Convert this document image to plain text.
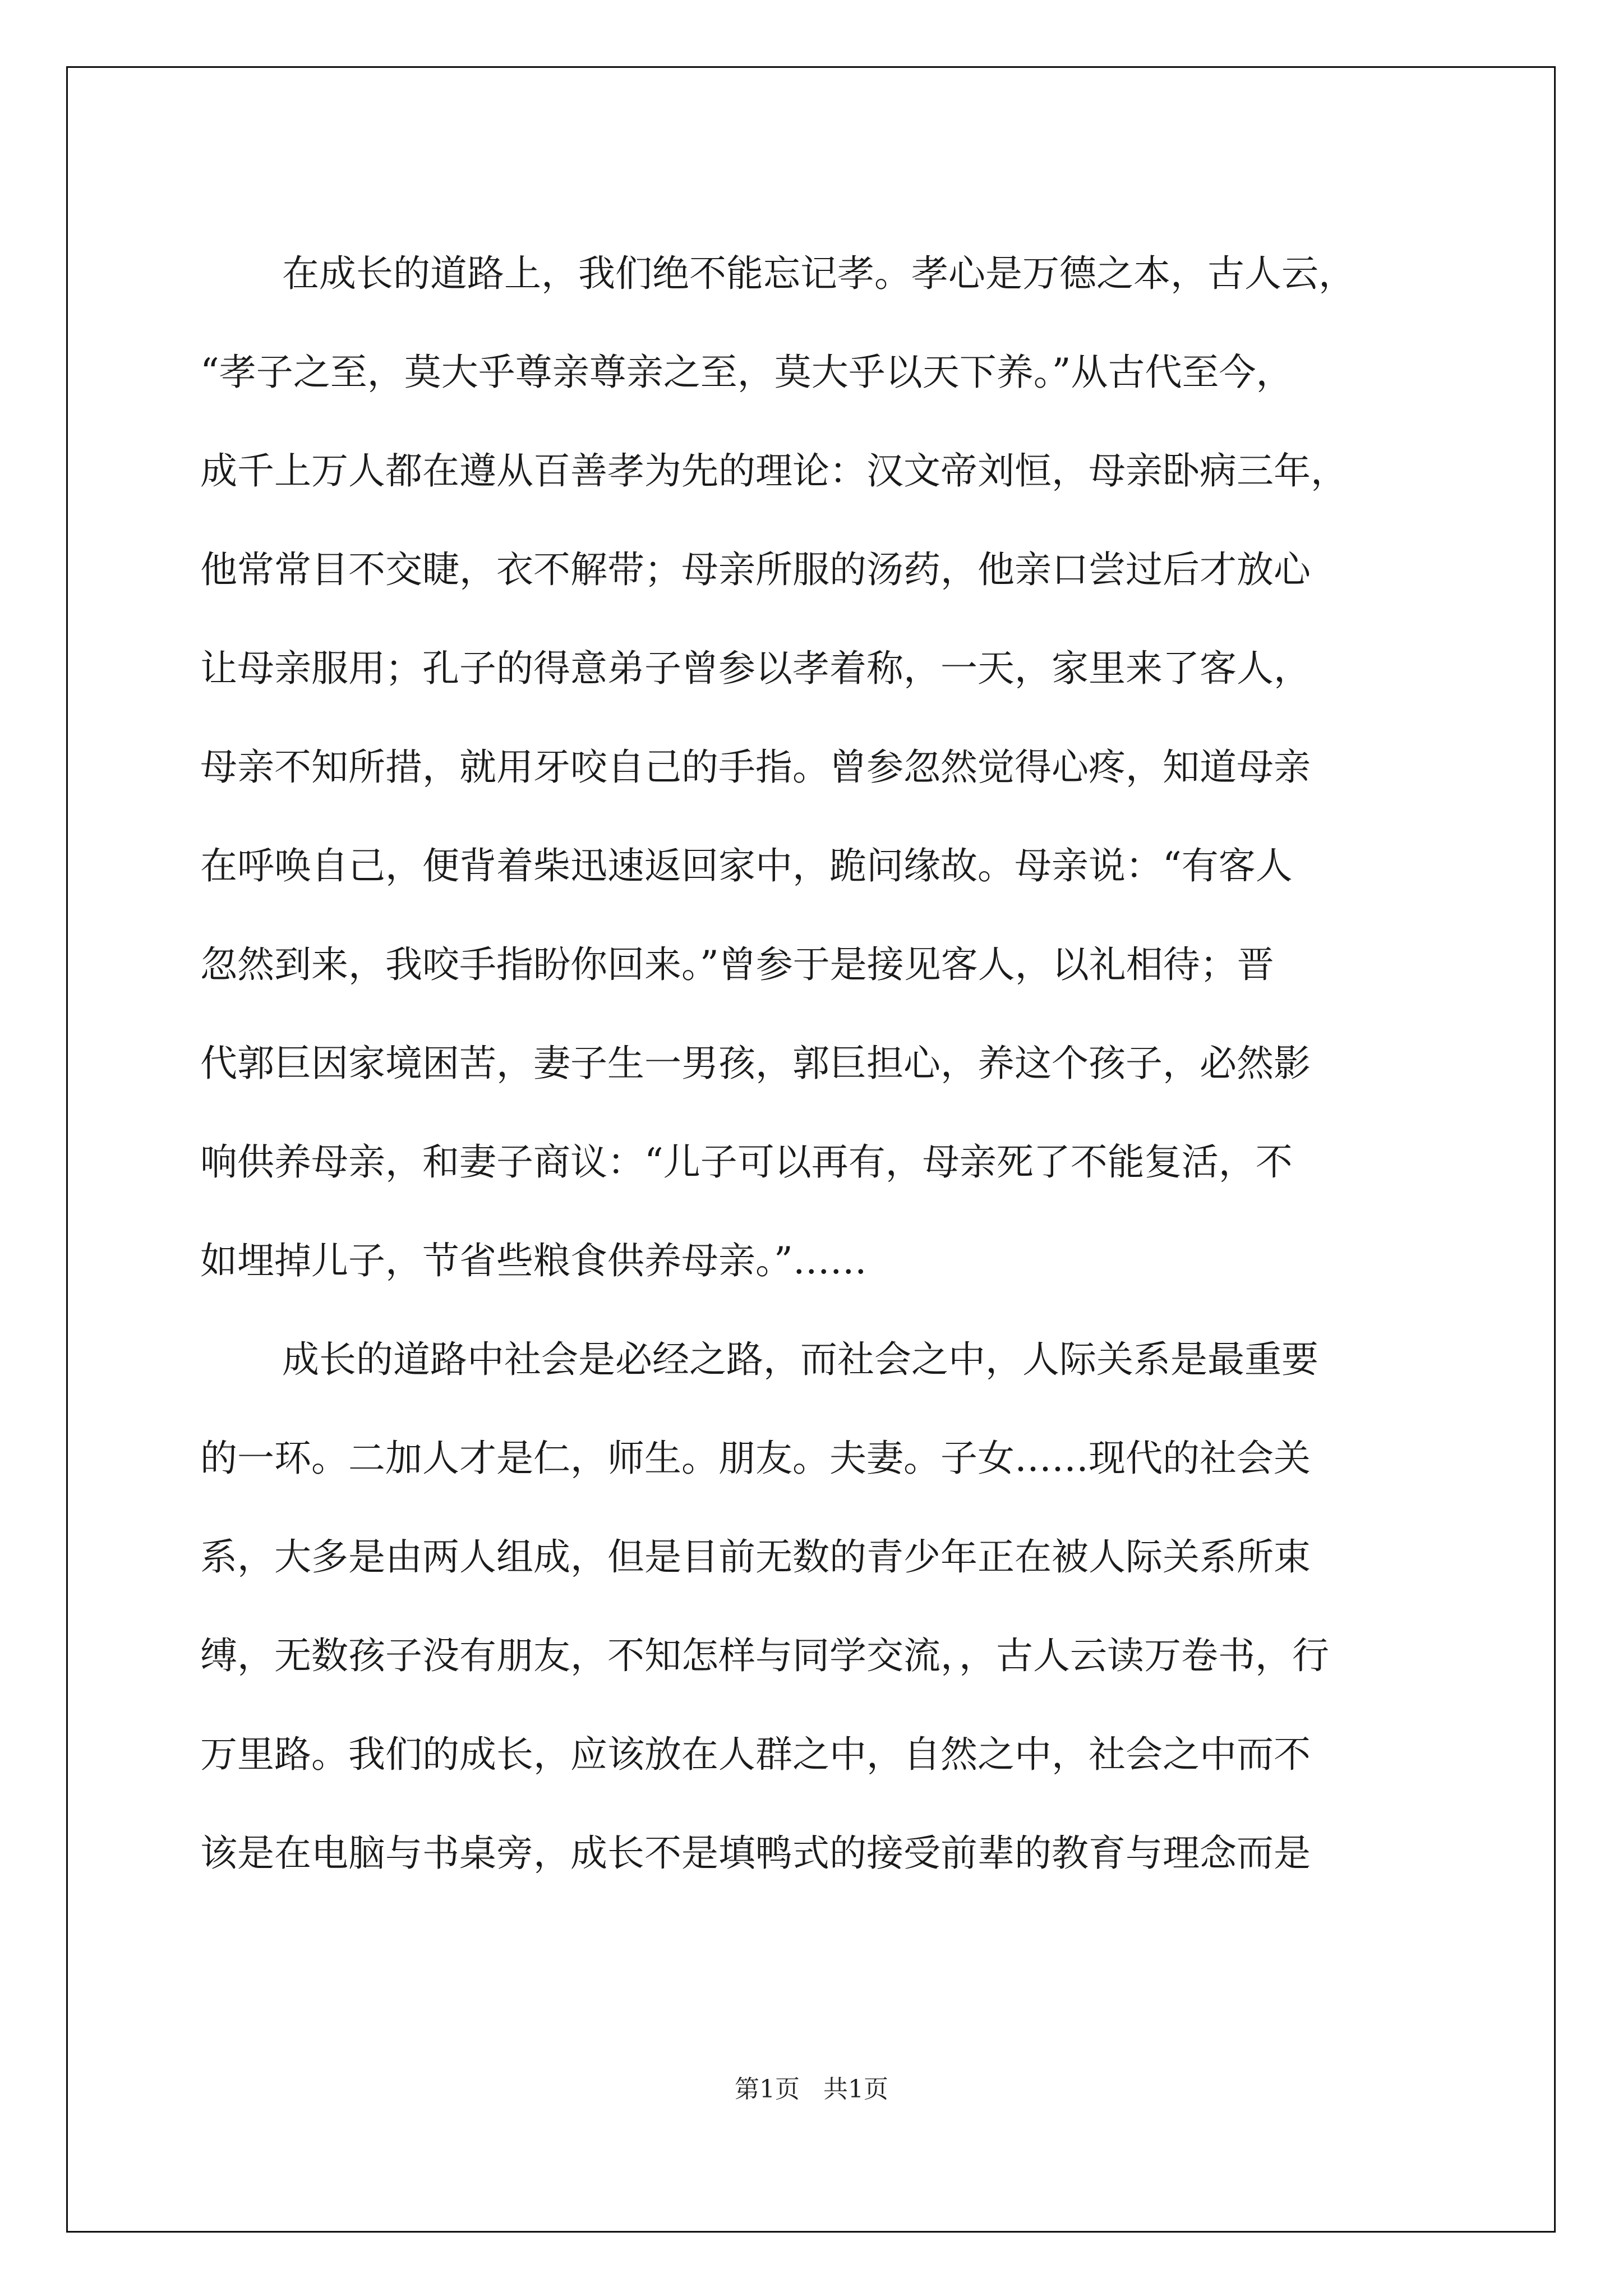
在成长的道路上，我们绝不能忘记孝。孝心是万德之本，古人云，
“孝子之至，莫大乎尊亲尊亲之至，莫大乎以天下养。”从古代至今，
成千上万人都在遵从百善孝为先的理论：汉文帝刘恒，母亲卧病三年，
他常常目不交睫，衣不解带；母亲所服的汤药，他亲口尝过后才放心
让母亲服用；孔子的得意弟子曾参以孝着称，一天，家里来了客人，
母亲不知所措，就用牙咬自己的手指。曾参忽然觉得心疼，知道母亲
在呼唤自己，便背着柴迅速返回家中，跪问缘故。母亲说：“有客人
忽然到来，我咬手指盼你回来。”曾参于是接见客人，以礼相待；晋
代郭巨因家境困苦，妻子生一男孩，郭巨担心，养这个孩子，必然影
响供养母亲，和妻子商议：“儿子可以再有，母亲死了不能复活，不
如埋掉儿子，节省些粮食供养母亲。”……
成长的道路中社会是必经之路，而社会之中，人际关系是最重要
的一环。二加人才是仁，师生。朋友。夫妻。子女……现代的社会关
系，大多是由两人组成，但是目前无数的青少年正在被人际关系所束
缚，无数孩子没有朋友，不知怎样与同学交流，，古人云读万卷书，行
万里路。我们的成长，应该放在人群之中，自然之中，社会之中而不
该是在电脑与书桌旁，成长不是填鸭式的接受前辈的教育与理念而是
第1页   共1页
